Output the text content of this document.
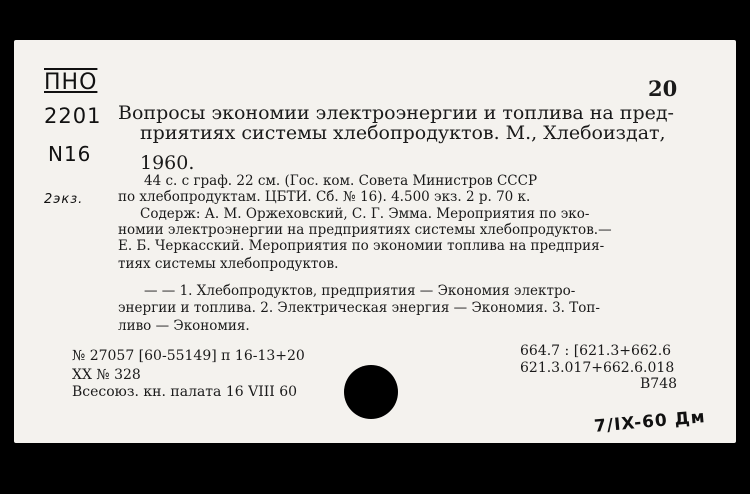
ПНО
2201
N16
2экз.
7/IX-60 Дм
20
Вопросы экономии электроэнергии и топлива на пред-
приятиях системы хлебопродуктов. М., Хлебоиздат,
1960.
44 с. с граф. 22 см. (Гос. ком. Совета Министров СССР
по хлебопродуктам. ЦБТИ. Сб. № 16). 4.500 экз. 2 р. 70 к.
Содерж: А. М. Оржеховский, С. Г. Эмма. Мероприятия по эко-
номии электроэнергии на предприятиях системы хлебопродуктов.—
Е. Б. Черкасский. Мероприятия по экономии топлива на предприя-
тиях системы хлебопродуктов.
— — 1. Хлебопродуктов, предприятия — Экономия электро-
энергии и топлива. 2. Электрическая энергия — Экономия. 3. Топ-
ливо — Экономия.
№ 27057 [60-55149] п 16-13+20
XX № 328
Всесоюз. кн. палата 16 VIII 60
664.7 : [621.3+662.6
621.3.017+662.6.018
B748
